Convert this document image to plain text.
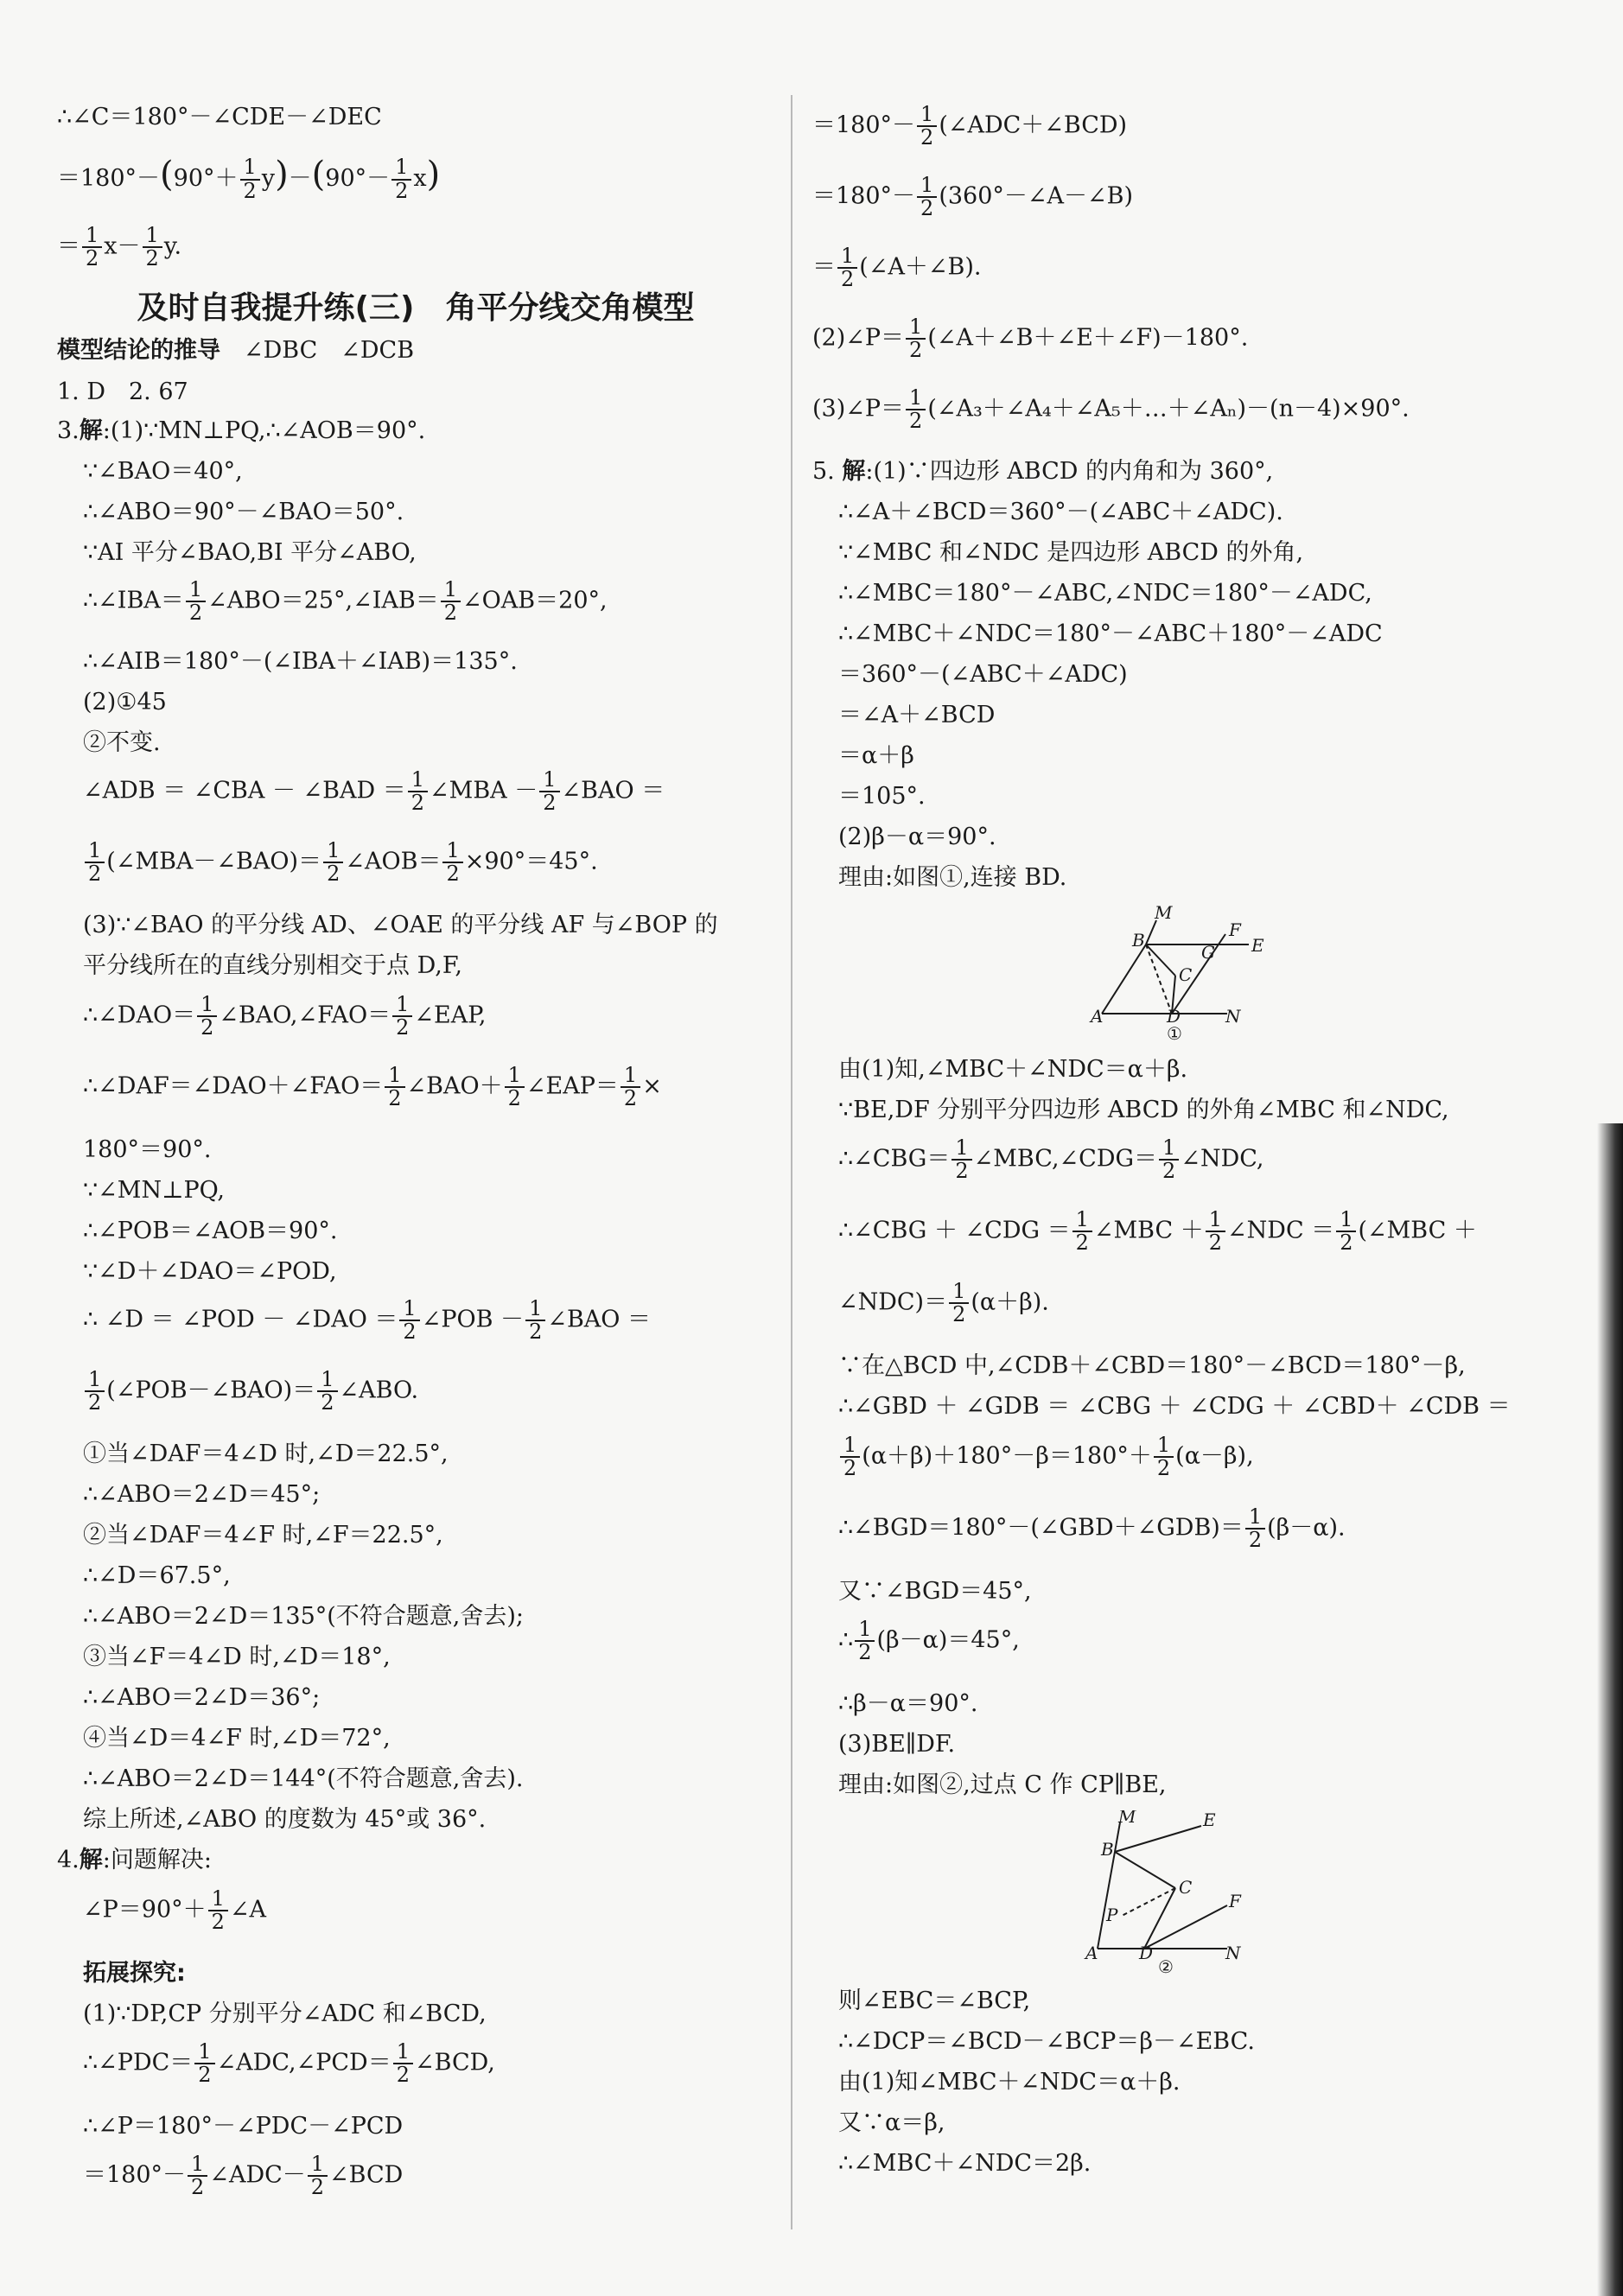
∴∠C＝180°－∠CDE－∠DEC
$=180^\circ-(90^\circ+ \frac{1}{2} y)-(90^\circ- \frac{1}{2} x)$
＝ $\frac{1}{2} x- \frac{1}{2} y$.
及时自我提升练(三)　角平分线交角模型
模型结论的推导　 ∠DBC　∠DCB
1. D　2. 67
3.解:(1)∵MN⊥PQ,∴∠AOB＝90°.
∵∠BAO＝40°,
∴∠ABO＝90°－∠BAO＝50°.
∵AI 平分∠BAO,BI 平分∠ABO,
∴∠IBA＝ $\frac{1}{2}$ ∠ABO＝25°,∠IAB＝ $\frac{1}{2}$ ∠OAB＝20°,
∴∠AIB＝180°－(∠IBA＋∠IAB)＝135°.
(2)①45
②不变.
∠ADB ＝ ∠CBA － ∠BAD ＝ $\frac{1}{2}$ ∠MBA － $\frac{1}{2}$ ∠BAO ＝
$\frac{1}{2}$ (∠MBA－∠BAO)＝ $\frac{1}{2}$ ∠AOB＝ $\frac{1}{2} \times 90^\circ=45^\circ$.
(3)∵∠BAO 的平分线 AD、∠OAE 的平分线 AF 与∠BOP 的
平分线所在的直线分别相交于点 D,F,
∴∠DAO＝ $\frac{1}{2}$ ∠BAO,∠FAO＝ $\frac{1}{2}$ ∠EAP,
∴∠DAF＝∠DAO＋∠FAO＝ $\frac{1}{2}$ ∠BAO＋ $\frac{1}{2}$ ∠EAP＝ $\frac{1}{2}$ ×
180°＝90°.
∵∠MN⊥PQ,
∴∠POB＝∠AOB＝90°.
∵∠D＋∠DAO＝∠POD,
∴ ∠D ＝ ∠POD － ∠DAO ＝ $\frac{1}{2}$ ∠POB － $\frac{1}{2}$ ∠BAO ＝
$\frac{1}{2}$ (∠POB－∠BAO)＝ $\frac{1}{2}$ ∠ABO.
①当∠DAF＝4∠D 时,∠D＝22.5°,
∴∠ABO＝2∠D＝45°;
②当∠DAF＝4∠F 时,∠F＝22.5°,
∴∠D＝67.5°,
∴∠ABO＝2∠D＝135°(不符合题意,舍去);
③当∠F＝4∠D 时,∠D＝18°,
∴∠ABO＝2∠D＝36°;
④当∠D＝4∠F 时,∠D＝72°,
∴∠ABO＝2∠D＝144°(不符合题意,舍去).
综上所述,∠ABO 的度数为 45°或 36°.
4.解:问题解决:
∠P＝90°＋ $\frac{1}{2}$ ∠A
拓展探究:
(1)∵DP,CP 分别平分∠ADC 和∠BCD,
∴∠PDC＝ $\frac{1}{2}$ ∠ADC,∠PCD＝ $\frac{1}{2}$ ∠BCD,
∴∠P＝180°－∠PDC－∠PCD
$=180^\circ- \frac{1}{2}$ ∠ADC－ $\frac{1}{2}$ ∠BCD
$=180^\circ- \frac{1}{2}$ (∠ADC＋∠BCD)
$=180^\circ- \frac{1}{2}$ (360°－∠A－∠B)
＝ $\frac{1}{2}$ (∠A＋∠B).
(2)∠P＝ $\frac{1}{2}$ (∠A＋∠B＋∠E＋∠F)－180°.
(3)∠P＝ $\frac{1}{2}$ (∠A₃＋∠A₄＋∠A₅＋…＋∠Aₙ)－(n－4)×90°.
5. 解:(1)∵四边形 ABCD 的内角和为 360°,
∴∠A＋∠BCD＝360°－(∠ABC＋∠ADC).
∵∠MBC 和∠NDC 是四边形 ABCD 的外角,
∴∠MBC＝180°－∠ABC,∠NDC＝180°－∠ADC,
∴∠MBC＋∠NDC＝180°－∠ABC＋180°－∠ADC
＝360°－(∠ABC＋∠ADC)
＝∠A＋∠BCD
＝α＋β
＝105°.
(2)β－α＝90°.
理由:如图①,连接 BD.
M
B	F
E
G
C
A	D	N
①
由(1)知,∠MBC＋∠NDC＝α＋β.
∵BE,DF 分别平分四边形 ABCD 的外角∠MBC 和∠NDC,
∴∠CBG＝ $\frac{1}{2}$ ∠MBC,∠CDG＝ $\frac{1}{2}$ ∠NDC,
∴∠CBG ＋ ∠CDG ＝ $\frac{1}{2}$ ∠MBC ＋ $\frac{1}{2}$ ∠NDC ＝ $\frac{1}{2}$ (∠MBC ＋
∠NDC)＝ $\frac{1}{2} (\alpha+\beta)$.
∵在△BCD 中,∠CDB＋∠CBD＝180°－∠BCD＝180°－β,
∴∠GBD ＋ ∠GDB ＝ ∠CBG ＋ ∠CDG ＋ ∠CBD＋ ∠CDB ＝
$\frac{1}{2} (\alpha+\beta)+180^\circ-\beta=180^\circ+ \frac{1}{2} (\alpha-\beta)$,
∴∠BGD＝180°－(∠GBD＋∠GDB)＝ $\frac{1}{2} (\beta-\alpha)$.
又∵∠BGD＝45°,
∴ $\frac{1}{2} (\beta-\alpha)=45^\circ$,
∴β－α＝90°.
(3)BE∥DF.
理由:如图②,过点 C 作 CP∥BE,
M	E
B
C
F
P
A D	N
②
则∠EBC＝∠BCP,
∴∠DCP＝∠BCD－∠BCP＝β－∠EBC.
由(1)知∠MBC＋∠NDC＝α＋β.
又∵α＝β,
∴∠MBC＋∠NDC＝2β.
